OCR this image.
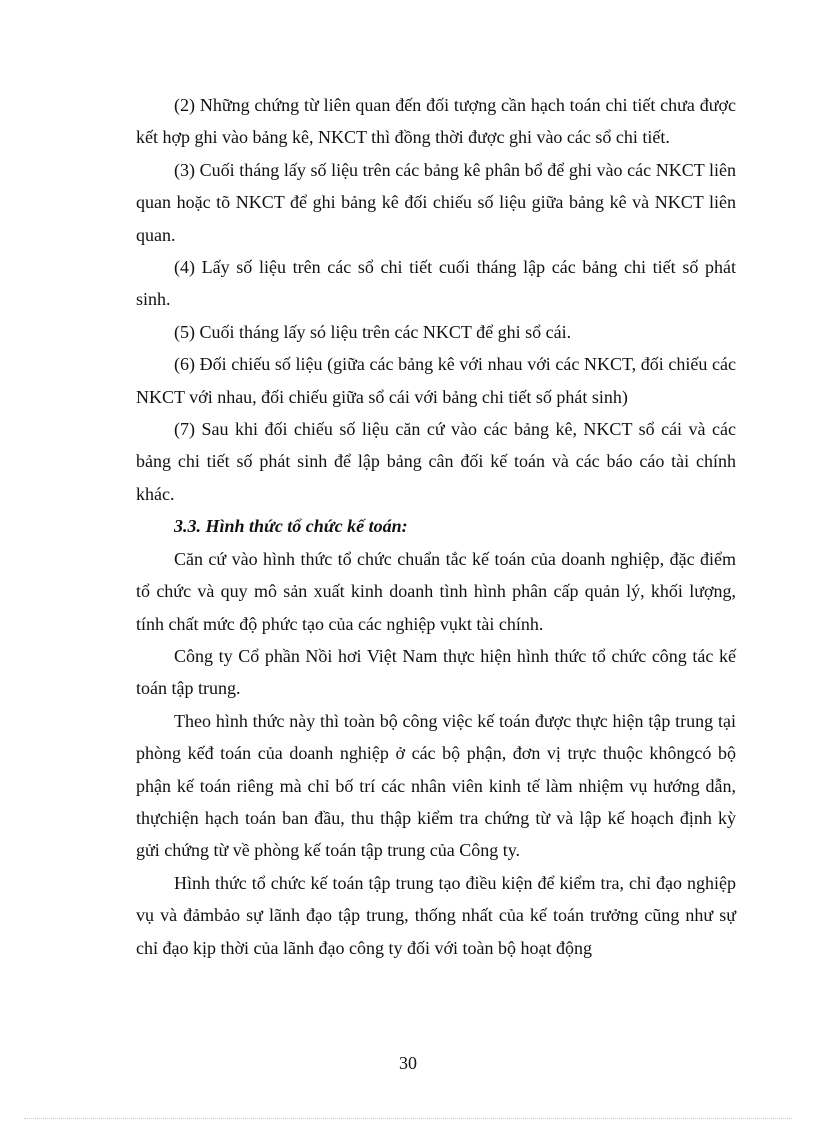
(2) Những chứng từ liên quan đến đối tượng cần hạch toán chi tiết chưa được kết hợp ghi vào bảng kê, NKCT thì đồng thời được ghi vào các sổ chi tiết.

(3) Cuối tháng lấy số liệu trên các bảng kê phân bổ để ghi vào các NKCT liên quan hoặc tõ NKCT để ghi bảng kê đối chiếu số liệu giữa bảng kê và NKCT liên quan.

(4) Lấy số liệu trên các sổ chi tiết cuối tháng lập các bảng chi tiết số phát sinh.

(5) Cuối tháng lấy só liệu trên các NKCT để ghi sổ cái.

(6) Đối chiếu số liệu (giữa các bảng kê với nhau với các NKCT, đối chiếu các NKCT với nhau, đối chiếu giữa sổ cái với bảng chi tiết số phát sinh)

(7) Sau khi đối chiếu số liệu căn cứ vào các bảng kê, NKCT sổ cái và các bảng chi tiết số phát sinh để lập bảng cân đối kế toán và các báo cáo tài chính khác.

3.3. Hình thức tổ chức kế toán:

Căn cứ vào hình thức tổ chức chuẩn tắc kế toán của doanh nghiệp, đặc điểm tổ chức và quy mô sản xuất kinh doanh tình hình phân cấp quản lý, khối lượng, tính chất mức độ phức tạo của các nghiệp vụkt tài chính.

Công ty Cổ phần Nồi hơi Việt Nam thực hiện hình thức tổ chức công tác kế toán tập trung.

Theo hình thức này thì toàn bộ công việc kế toán được thực hiện tập trung tại phòng kếđ toán của doanh nghiệp ở các bộ phận, đơn vị trực thuộc khôngcó bộ phận kế toán riêng mà chỉ bố trí các nhân viên kinh tế làm nhiệm vụ hướng dẫn, thựchiện hạch toán ban đầu, thu thập kiểm tra chứng từ và lập kế hoạch định kỳ gửi chứng từ về phòng kế toán tập trung của Công ty.

Hình thức tổ chức kế toán tập trung tạo điều kiện để kiểm tra, chỉ đạo nghiệp vụ và đảmbảo sự lãnh đạo tập trung, thống nhất của kế toán trưởng cũng như sự chỉ đạo kịp thời của lãnh đạo công ty đối với toàn bộ hoạt động

30
